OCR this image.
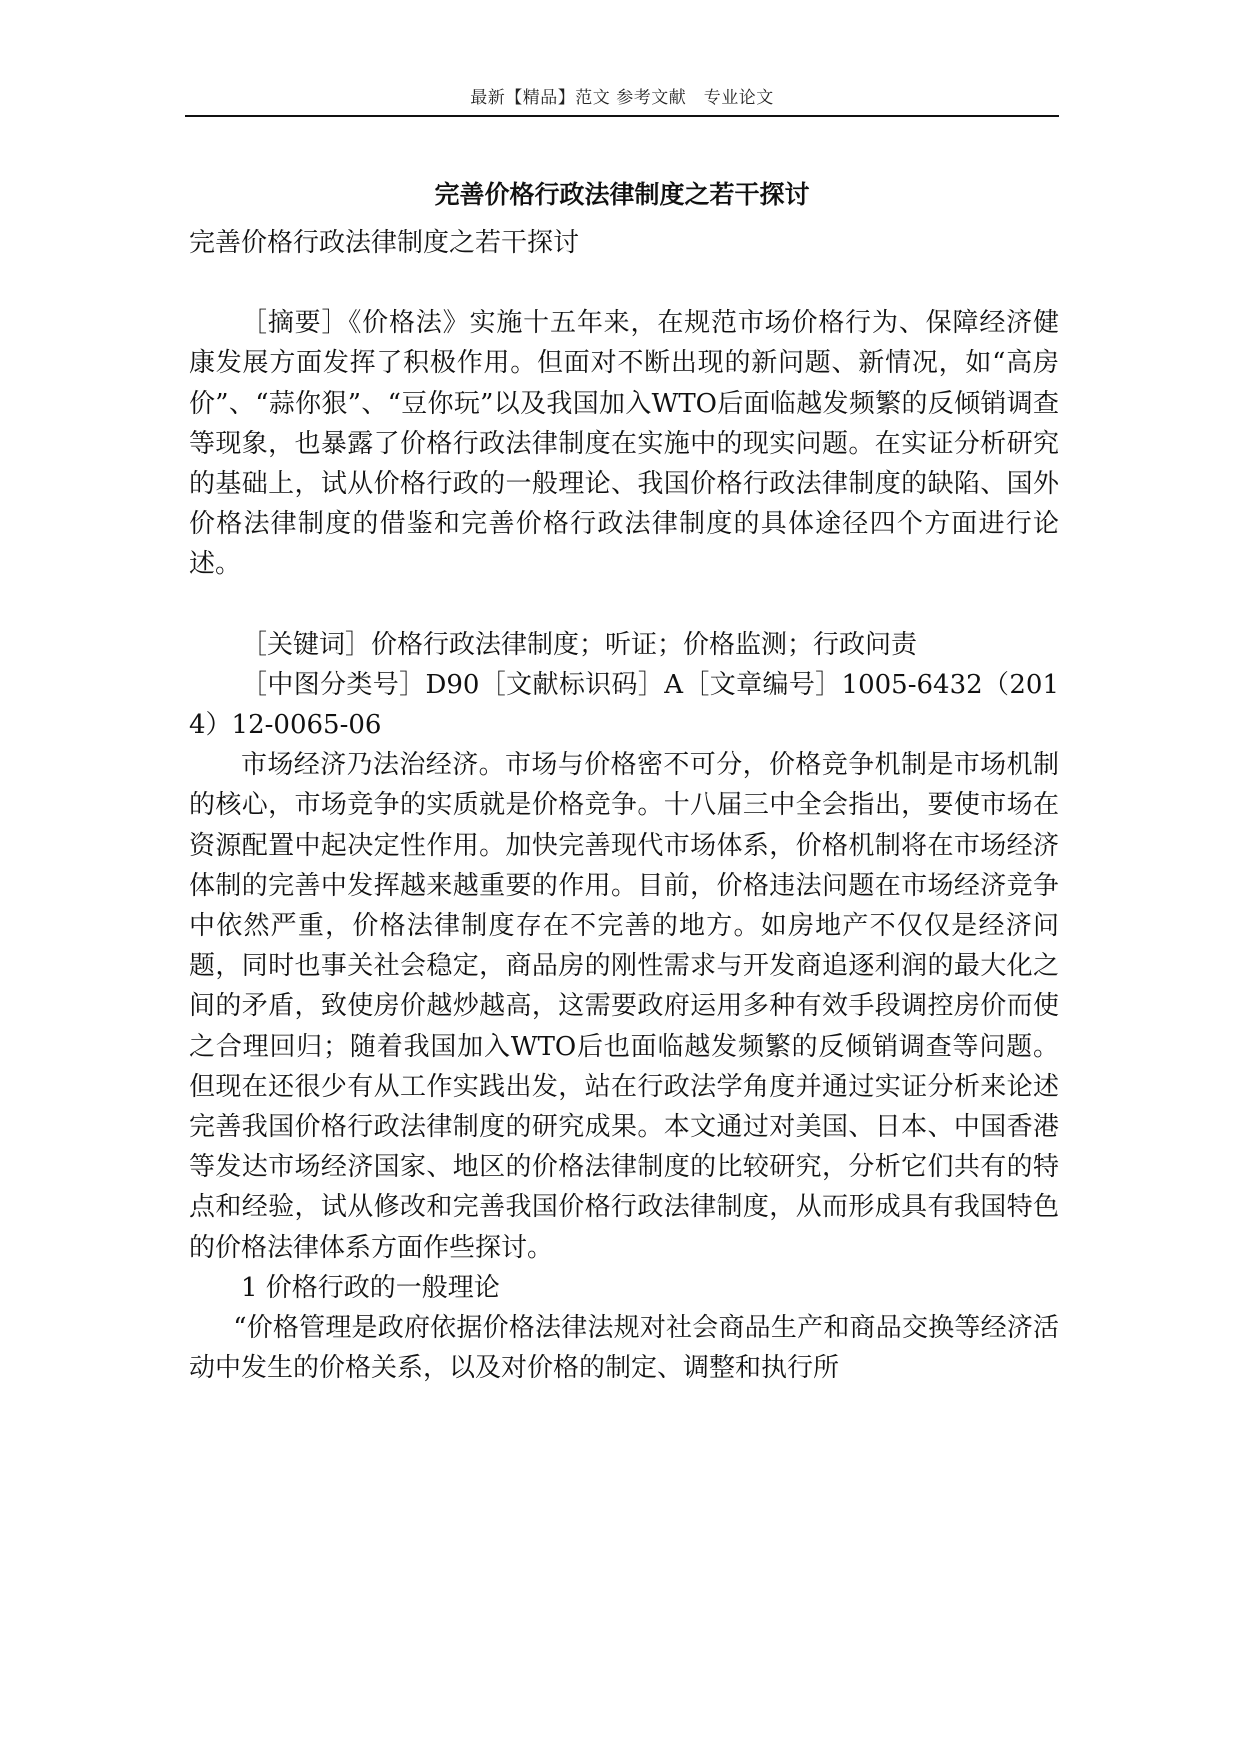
最新【精品】范文 参考文献　专业论文
完善价格行政法律制度之若干探讨

完善价格行政法律制度之若干探讨

［摘要］《价格法》实施十五年来，在规范市场价格行为、保障经济健康发展方面发挥了积极作用。但面对不断出现的新问题、新情况，如“高房价”、“蒜你狠”、“豆你玩”以及我国加入WTO后面临越发频繁的反倾销调查等现象，也暴露了价格行政法律制度在实施中的现实问题。在实证分析研究的基础上，试从价格行政的一般理论、我国价格行政法律制度的缺陷、国外价格法律制度的借鉴和完善价格行政法律制度的具体途径四个方面进行论述。

［关键词］价格行政法律制度；听证；价格监测；行政问责

［中图分类号］D90［文献标识码］A［文章编号］1005-6432（2014）12-0065-06

市场经济乃法治经济。市场与价格密不可分，价格竞争机制是市场机制的核心，市场竞争的实质就是价格竞争。十八届三中全会指出，要使市场在资源配置中起决定性作用。加快完善现代市场体系，价格机制将在市场经济体制的完善中发挥越来越重要的作用。目前，价格违法问题在市场经济竞争中依然严重，价格法律制度存在不完善的地方。如房地产不仅仅是经济问题，同时也事关社会稳定，商品房的刚性需求与开发商追逐利润的最大化之间的矛盾，致使房价越炒越高，这需要政府运用多种有效手段调控房价而使之合理回归；随着我国加入WTO后也面临越发频繁的反倾销调查等问题。但现在还很少有从工作实践出发，站在行政法学角度并通过实证分析来论述完善我国价格行政法律制度的研究成果。本文通过对美国、日本、中国香港等发达市场经济国家、地区的价格法律制度的比较研究，分析它们共有的特点和经验，试从修改和完善我国价格行政法律制度，从而形成具有我国特色的价格法律体系方面作些探讨。

1 价格行政的一般理论

“价格管理是政府依据价格法律法规对社会商品生产和商品交换等经济活动中发生的价格关系，以及对价格的制定、调整和执行所
